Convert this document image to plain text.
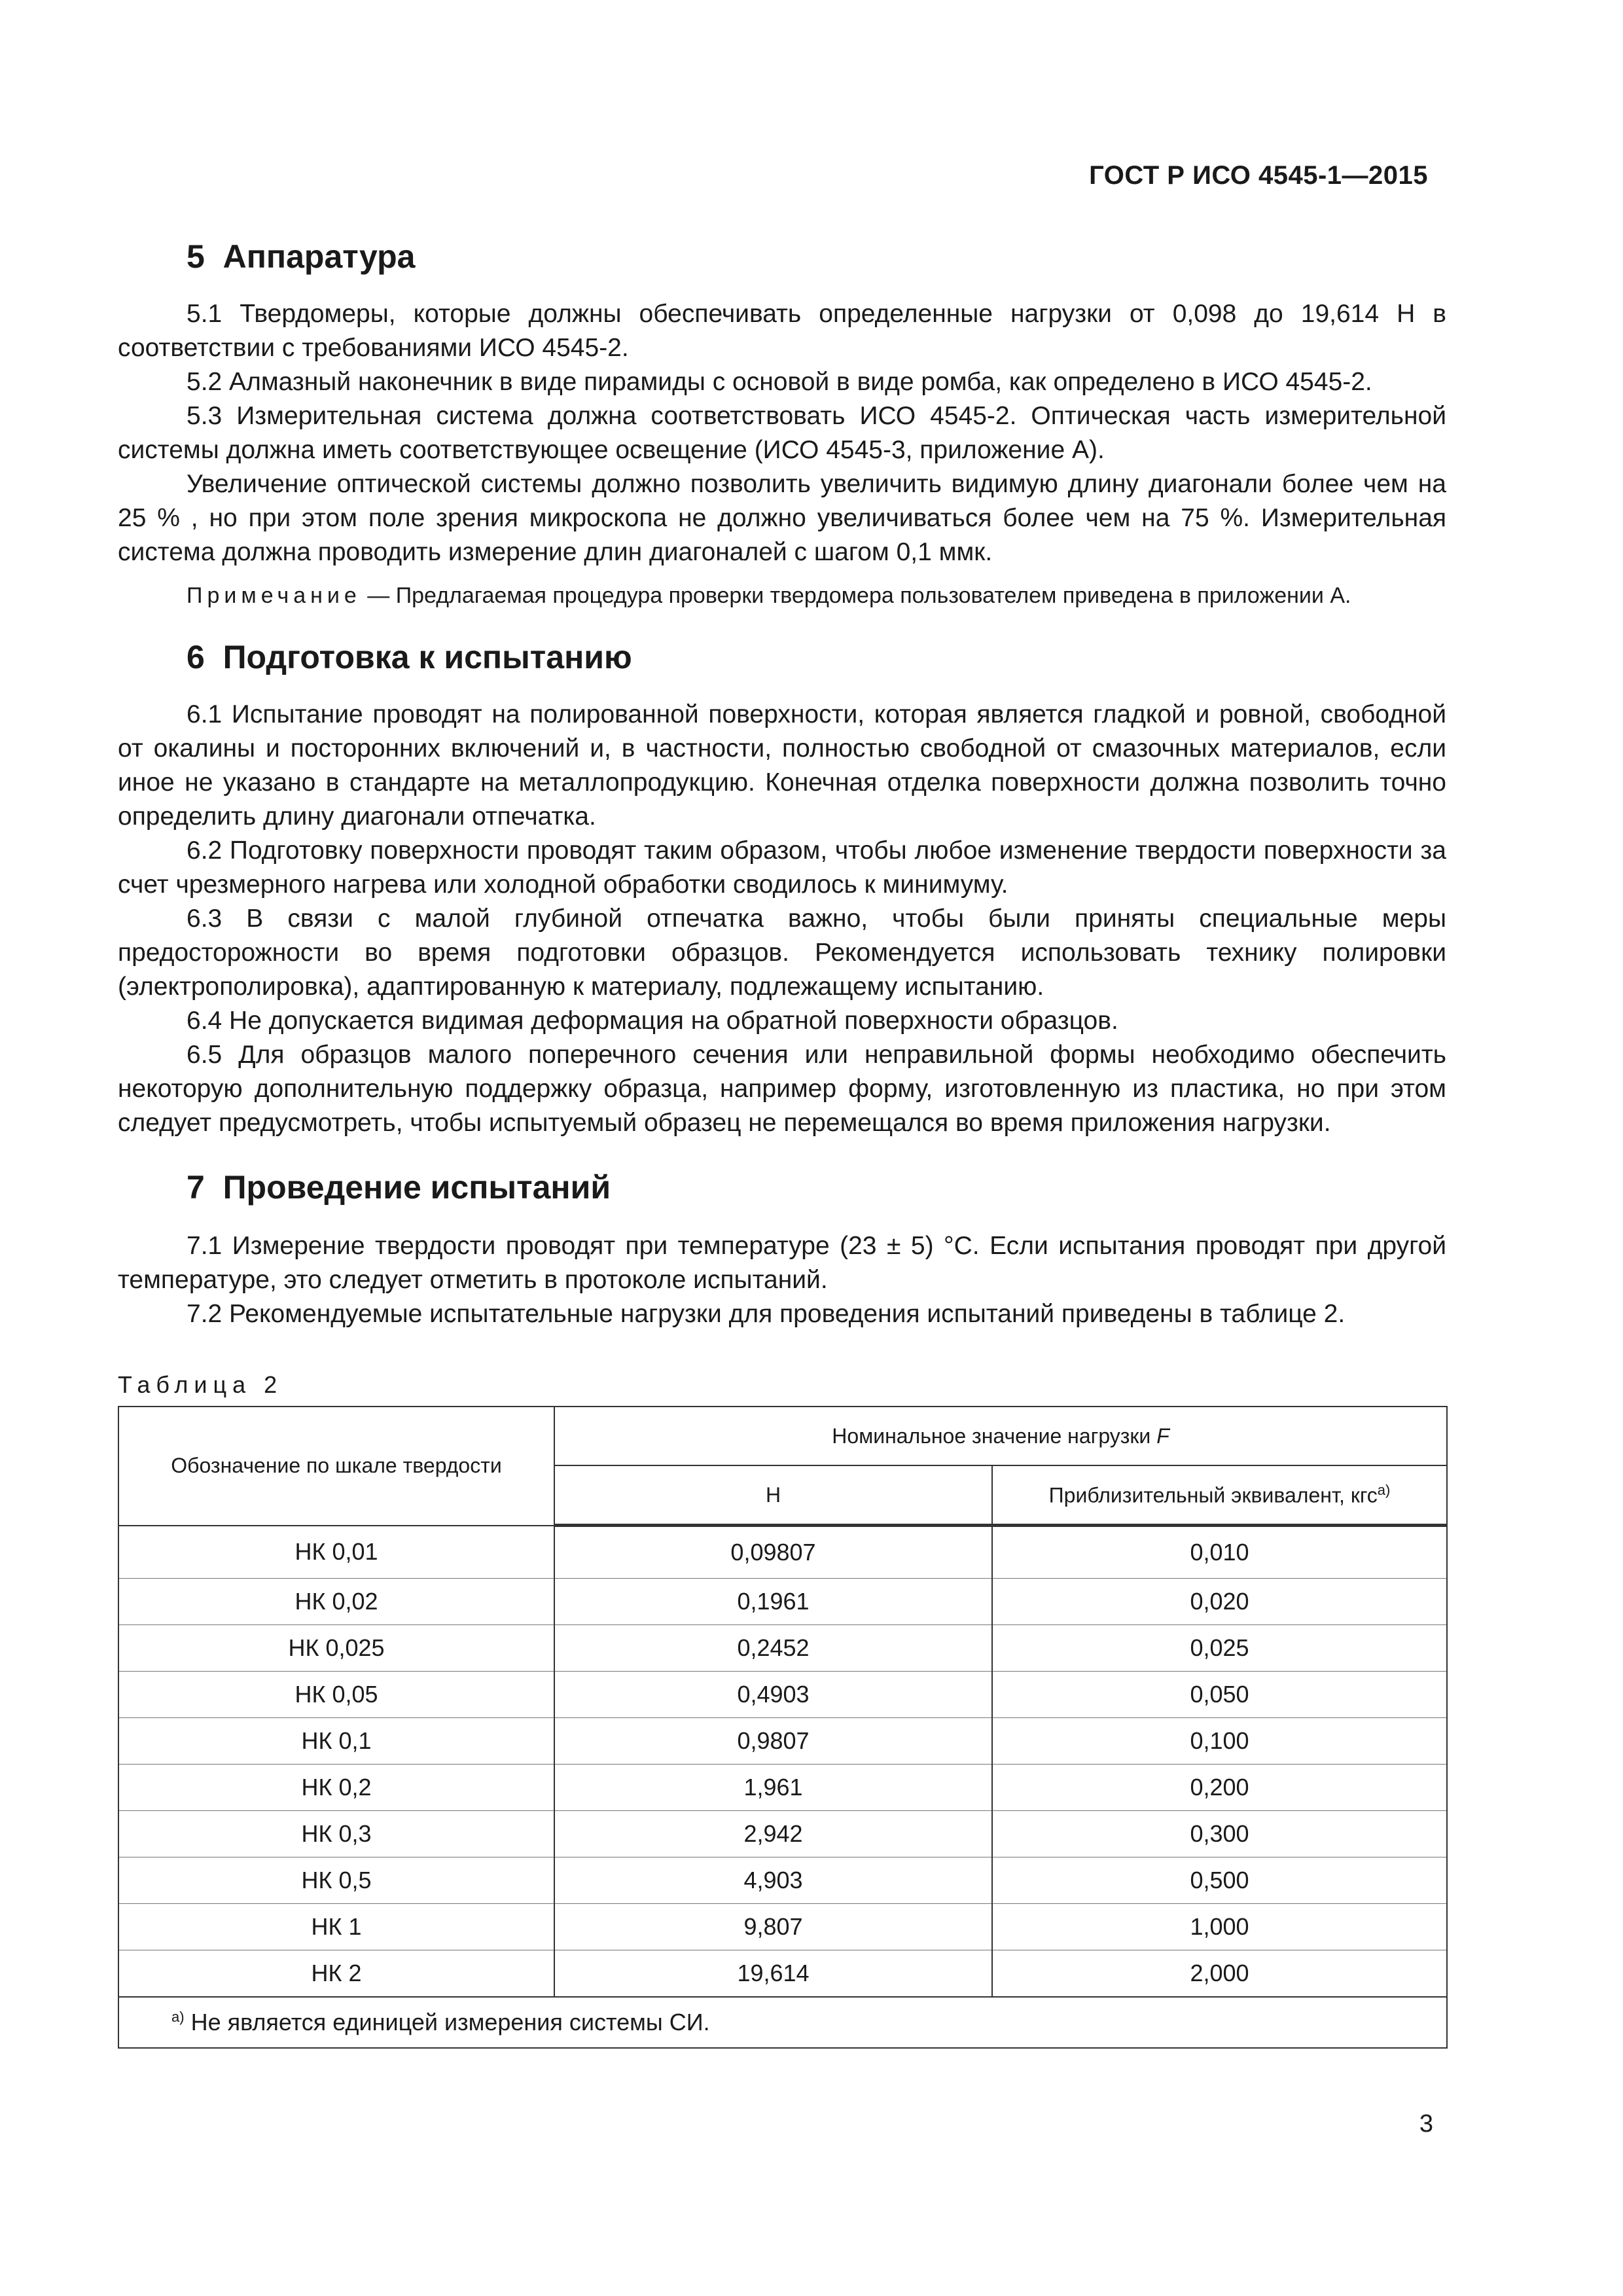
ГОСТ Р ИСО 4545-1—2015
5  Аппаратура

5.1 Твердомеры, которые должны обеспечивать определенные нагрузки от 0,098 до 19,614 Н в соответствии с требованиями ИСО 4545-2.

5.2 Алмазный наконечник в виде пирамиды с основой в виде ромба, как определено в ИСО 4545-2.

5.3 Измерительная система должна соответствовать ИСО 4545-2. Оптическая часть измерительной системы должна иметь соответствующее освещение (ИСО 4545-3, приложение А).

Увеличение оптической системы должно позволить увеличить видимую длину диагонали более чем на 25 % , но при этом поле зрения микроскопа не должно увеличиваться более чем на 75 %. Измерительная система должна проводить измерение длин диагоналей с шагом 0,1 ммк.

Примечание — Предлагаемая процедура проверки твердомера пользователем приведена в приложении А.
6  Подготовка к испытанию

6.1 Испытание проводят на полированной поверхности, которая является гладкой и ровной, свободной от окалины и посторонних включений и, в частности, полностью свободной от смазочных материалов, если иное не указано в стандарте на металлопродукцию. Конечная отделка поверхности должна позволить точно определить длину диагонали отпечатка.

6.2 Подготовку поверхности проводят таким образом, чтобы любое изменение твердости поверхности за счет чрезмерного нагрева или холодной обработки сводилось к минимуму.

6.3 В связи с малой глубиной отпечатка важно, чтобы были приняты специальные меры предосторожности во время подготовки образцов. Рекомендуется использовать технику полировки (электрополировка), адаптированную к материалу, подлежащему испытанию.

6.4 Не допускается видимая деформация на обратной поверхности образцов.

6.5 Для образцов малого поперечного сечения или неправильной формы необходимо обеспечить некоторую дополнительную поддержку образца, например форму, изготовленную из пластика, но при этом следует предусмотреть, чтобы испытуемый образец не перемещался во время приложения нагрузки.

7  Проведение испытаний

7.1 Измерение твердости проводят при температуре (23 ± 5) °С. Если испытания проводят при другой температуре, это следует отметить в протоколе испытаний.

7.2 Рекомендуемые испытательные нагрузки для проведения испытаний приведены в таблице 2.

Таблица 2
Обозначение по шкале твердости	Номинальное значение нагрузки F	
	Н	Приблизительный эквивалент, кгс$^{а)}$
НК 0,01	0,09807	0,010
НК 0,02	0,1961	0,020
НК 0,025	0,2452	0,025
НК 0,05	0,4903	0,050
НК 0,1	0,9807	0,100
НК 0,2	1,961	0,200
НК 0,3	2,942	0,300
НК 0,5	4,903	0,500
НК 1	9,807	1,000
НК 2	19,614	2,000
$^{а)}$ Не является единицей измерения системы СИ.		
3
